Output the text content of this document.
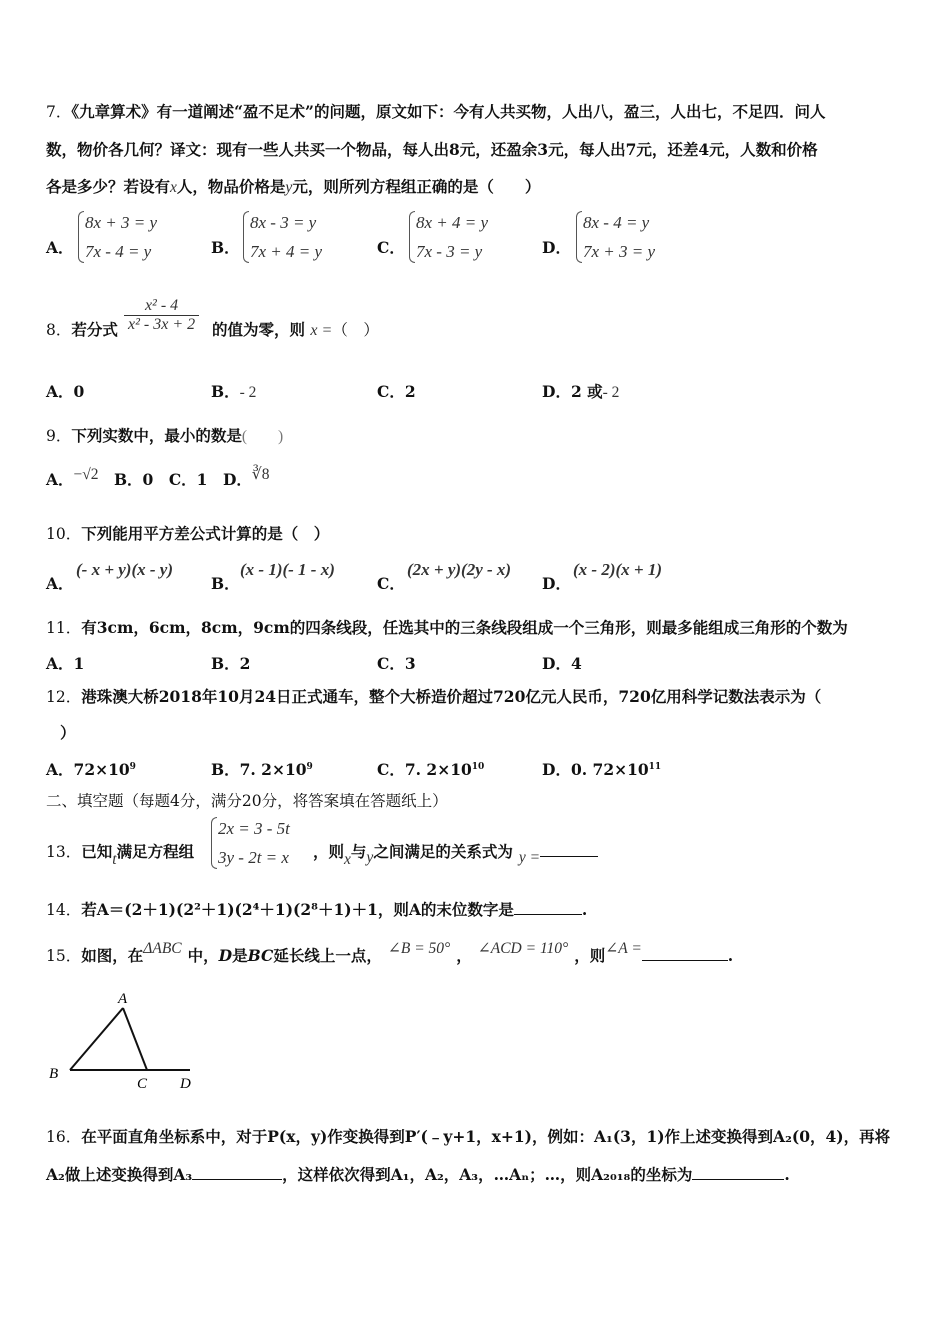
7．《九章算术》有一道阐述“盈不足术”的问题，原文如下：今有人共买物，人出八，盈三，人出七，不足四．问人
数，物价各几何？译文：现有一些人共买一个物品，每人出8元，还盈余3元，每人出7元，还差4元，人数和价格
各是多少？若设有x人，物品价格是y元，则所列方程组正确的是（　　）
A．
8x + 3 = y
7x - 4 = y	B．
8x - 3 = y
7x + 4 = y	C．
8x + 4 = y
7x - 3 = y	D．
8x - 4 = y
7x + 3 = y
8．若分式 $\frac{\text{x² - 4}}{\text{x² - 3x + 2}}$ 的值为零，则 x =（　）
A．0	B．- 2	C．2	D．2 或- 2
9．下列实数中，最小的数是(　　)
A．−√2 B．0　C．1　D．∛8
10．下列能用平方差公式计算的是（　）
A．
(- x + y)(x - y)
B．
(x - 1)(- 1 - x)
C．
(2x + y)(2y - x)
D．
(x - 2)(x + 1)
11．有3cm，6cm，8cm，9cm的四条线段，任选其中的三条线段组成一个三角形，则最多能组成三角形的个数为
A．1	B．2	C．3	D．4
12．港珠澳大桥2018年10月24日正式通车，整个大桥造价超过720亿元人民币，720亿用科学记数法表示为（
）
A．$72\times 10^9$	B．7. $2\times 10^9$	C．7. $2\times 10^{10}$	D．0. $72\times 10^{11}$
二、填空题（每题4分，满分20分，将答案填在答题纸上）
13．已知t满足方程组
2x = 3 - 5t
3y - 2t = x ，则x与y之间满足的关系式为 y =
14．若A＝(2＋1)(2²＋1)(2⁴＋1)(2⁸＋1)＋1，则A的末位数字是	.
15．如图，在ΔABC 中，D是BC延长线上一点， ∠B = 50° ， ∠ACD = 110° ，则∠A =	.
A
B
C D
16．在平面直角坐标系中，对于P(x，y)作变换得到P′(﹣y+1，x+1)，例如：A₁(3，1)作上述变换得到A₂(0，4)，再将
A₂做上述变换得到A₃	，这样依次得到A₁，A₂，A₃，…Aₙ；…，则A₂₀₁₈的坐标为	.
